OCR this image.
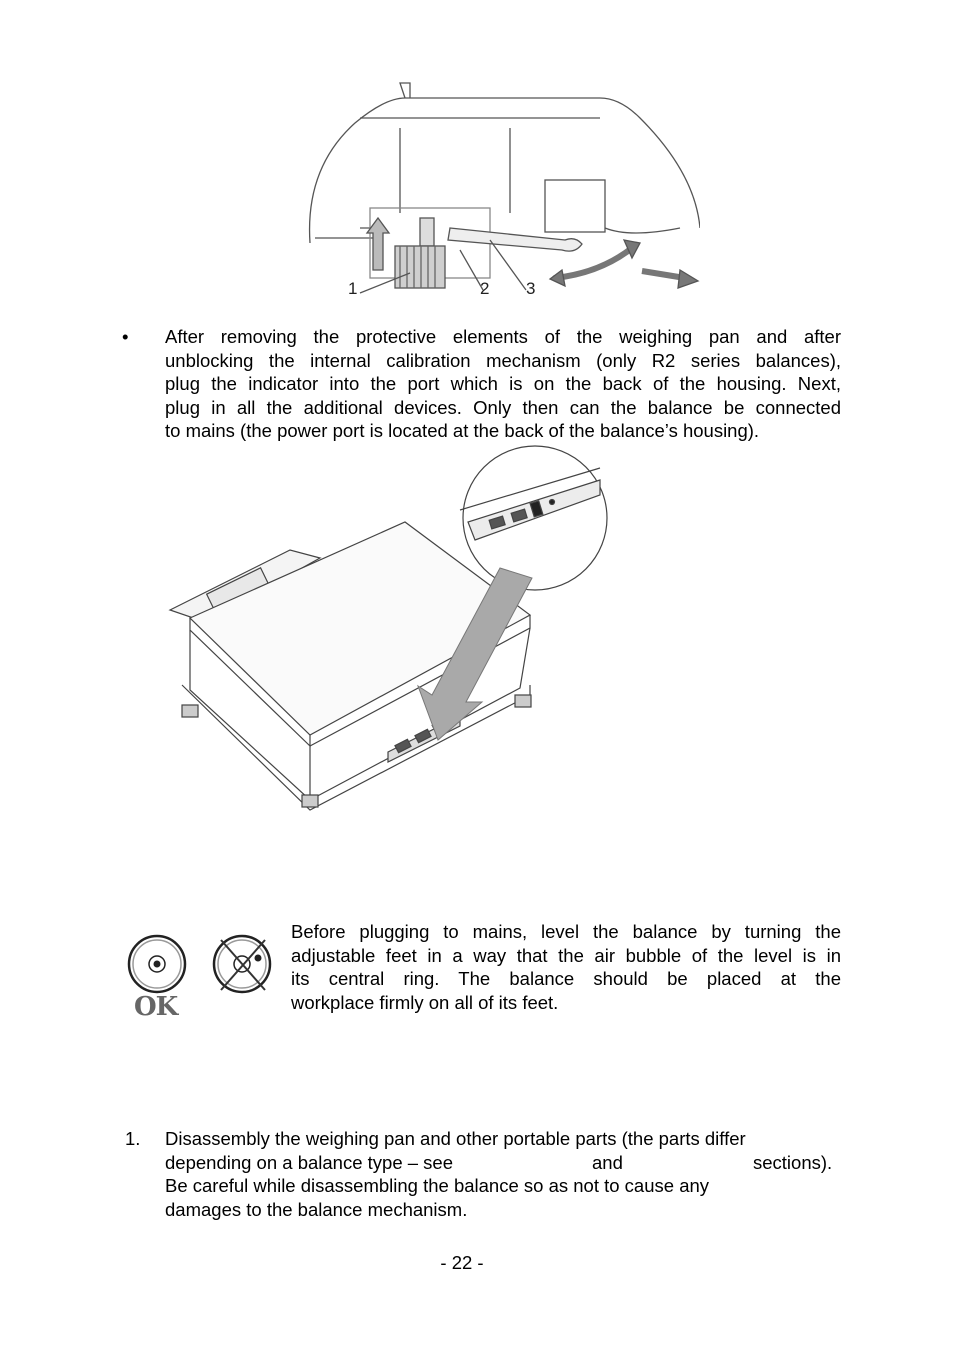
1	2 3
• After removing the protective elements of the weighing pan and after
unblocking the internal calibration mechanism (only R2 series balances),
plug the indicator into the port which is on the back of the housing. Next,
plug in all the additional devices. Only then can the balance be connected
to mains (the power port is located at the back of the balance’s housing).
OK
Before plugging to mains, level the balance by turning the
adjustable feet in a way that the air bubble of the level is in
its central ring. The balance should be placed at the
workplace firmly on all of its feet.
1. Disassembly the weighing pan and other portable parts (the parts differ
depending on a balance type – see	and	sections).
Be careful while disassembling the balance so as not to cause any
damages to the balance mechanism.
- 22 -
